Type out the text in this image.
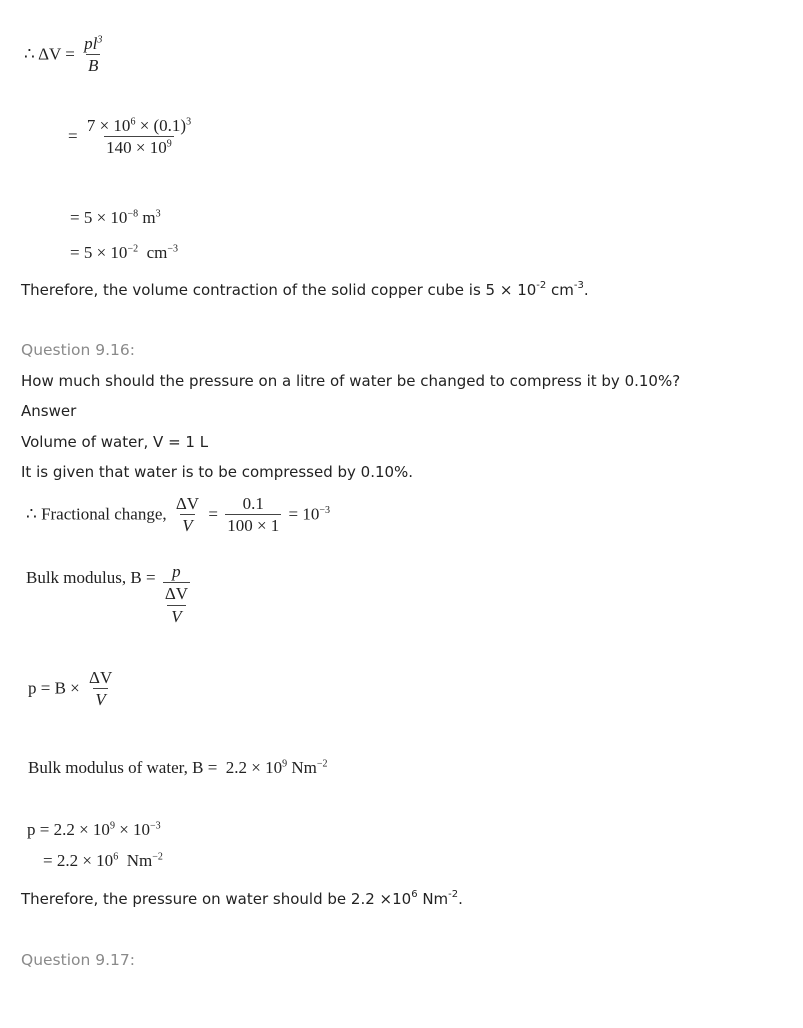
∴ $\Delta V = \frac{pl^3}{B}$
= $\frac{7 \times 10^6 \times (0.1)^3}{140 \times 10^9}$
= $5 \times 10^{-8}$ $m^3$
= $5 \times 10^{-2}$  $cm^{-3}$
Therefore, the volume contraction of the solid copper cube is $5 \times 10^{-2}$ $cm^{-3}$.
Question 9.16:
How much should the pressure on a litre of water be changed to compress it by 0.10%?
Answer
Volume of water, V = 1 L
It is given that water is to be compressed by 0.10%.
∴ Fractional change, $\frac{\Delta V}{V} = \frac{0.1}{100 \times 1} = 10^{-3}$
Bulk modulus, $B = \frac{p}{\frac{\Delta V}{V}}$
$p = B \times \frac{\Delta V}{V}$
Bulk modulus of water, $B = 2.2 \times 10^9$ $Nm^{-2}$
$p = 2.2 \times 10^9 \times 10^{-3}$
= $2.2 \times 10^6$  $Nm^{-2}$
Therefore, the pressure on water should be $2.2 \times 10^6$ $Nm^{-2}$.
Question 9.17:
